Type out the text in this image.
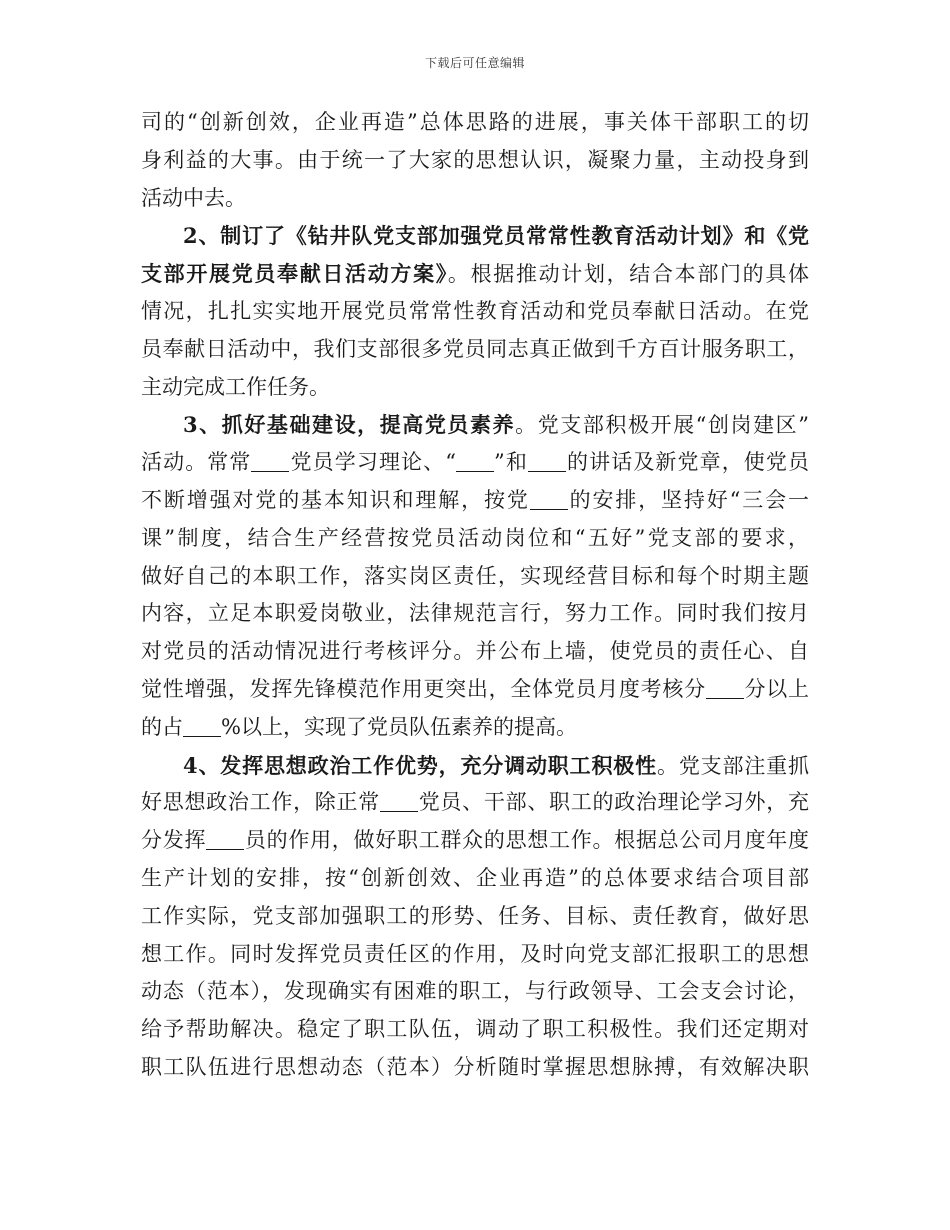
下载后可任意编辑
司的“创新创效，企业再造”总体思路的进展，事关体干部职工的切
身利益的大事。由于统一了大家的思想认识，凝聚力量，主动投身到
活动中去。
2、制订了《钻井队党支部加强党员常常性教育活动计划》和《党
支部开展党员奉献日活动方案》。根据推动计划，结合本部门的具体
情况，扎扎实实地开展党员常常性教育活动和党员奉献日活动。在党
员奉献日活动中，我们支部很多党员同志真正做到千方百计服务职工，
主动完成工作任务。
3、抓好基础建设，提高党员素养。党支部积极开展“创岗建区”
活动。常常 党员学习理论、“ ”和 的讲话及新党章，使党员
不断增强对党的基本知识和理解，按党 的安排，坚持好“三会一
课”制度，结合生产经营按党员活动岗位和“五好”党支部的要求，
做好自己的本职工作，落实岗区责任，实现经营目标和每个时期主题
内容，立足本职爱岗敬业，法律规范言行，努力工作。同时我们按月
对党员的活动情况进行考核评分。并公布上墙，使党员的责任心、自
觉性增强，发挥先锋模范作用更突出，全体党员月度考核分 分以上
的占 %以上，实现了党员队伍素养的提高。
4、发挥思想政治工作优势，充分调动职工积极性。党支部注重抓
好思想政治工作，除正常 党员、干部、职工的政治理论学习外，充
分发挥 员的作用，做好职工群众的思想工作。根据总公司月度年度
生产计划的安排，按“创新创效、企业再造”的总体要求结合项目部
工作实际，党支部加强职工的形势、任务、目标、责任教育，做好思
想工作。同时发挥党员责任区的作用，及时向党支部汇报职工的思想
动态（范本），发现确实有困难的职工，与行政领导、工会支会讨论，
给予帮助解决。稳定了职工队伍，调动了职工积极性。我们还定期对
职工队伍进行思想动态（范本）分析随时掌握思想脉搏，有效解决职
